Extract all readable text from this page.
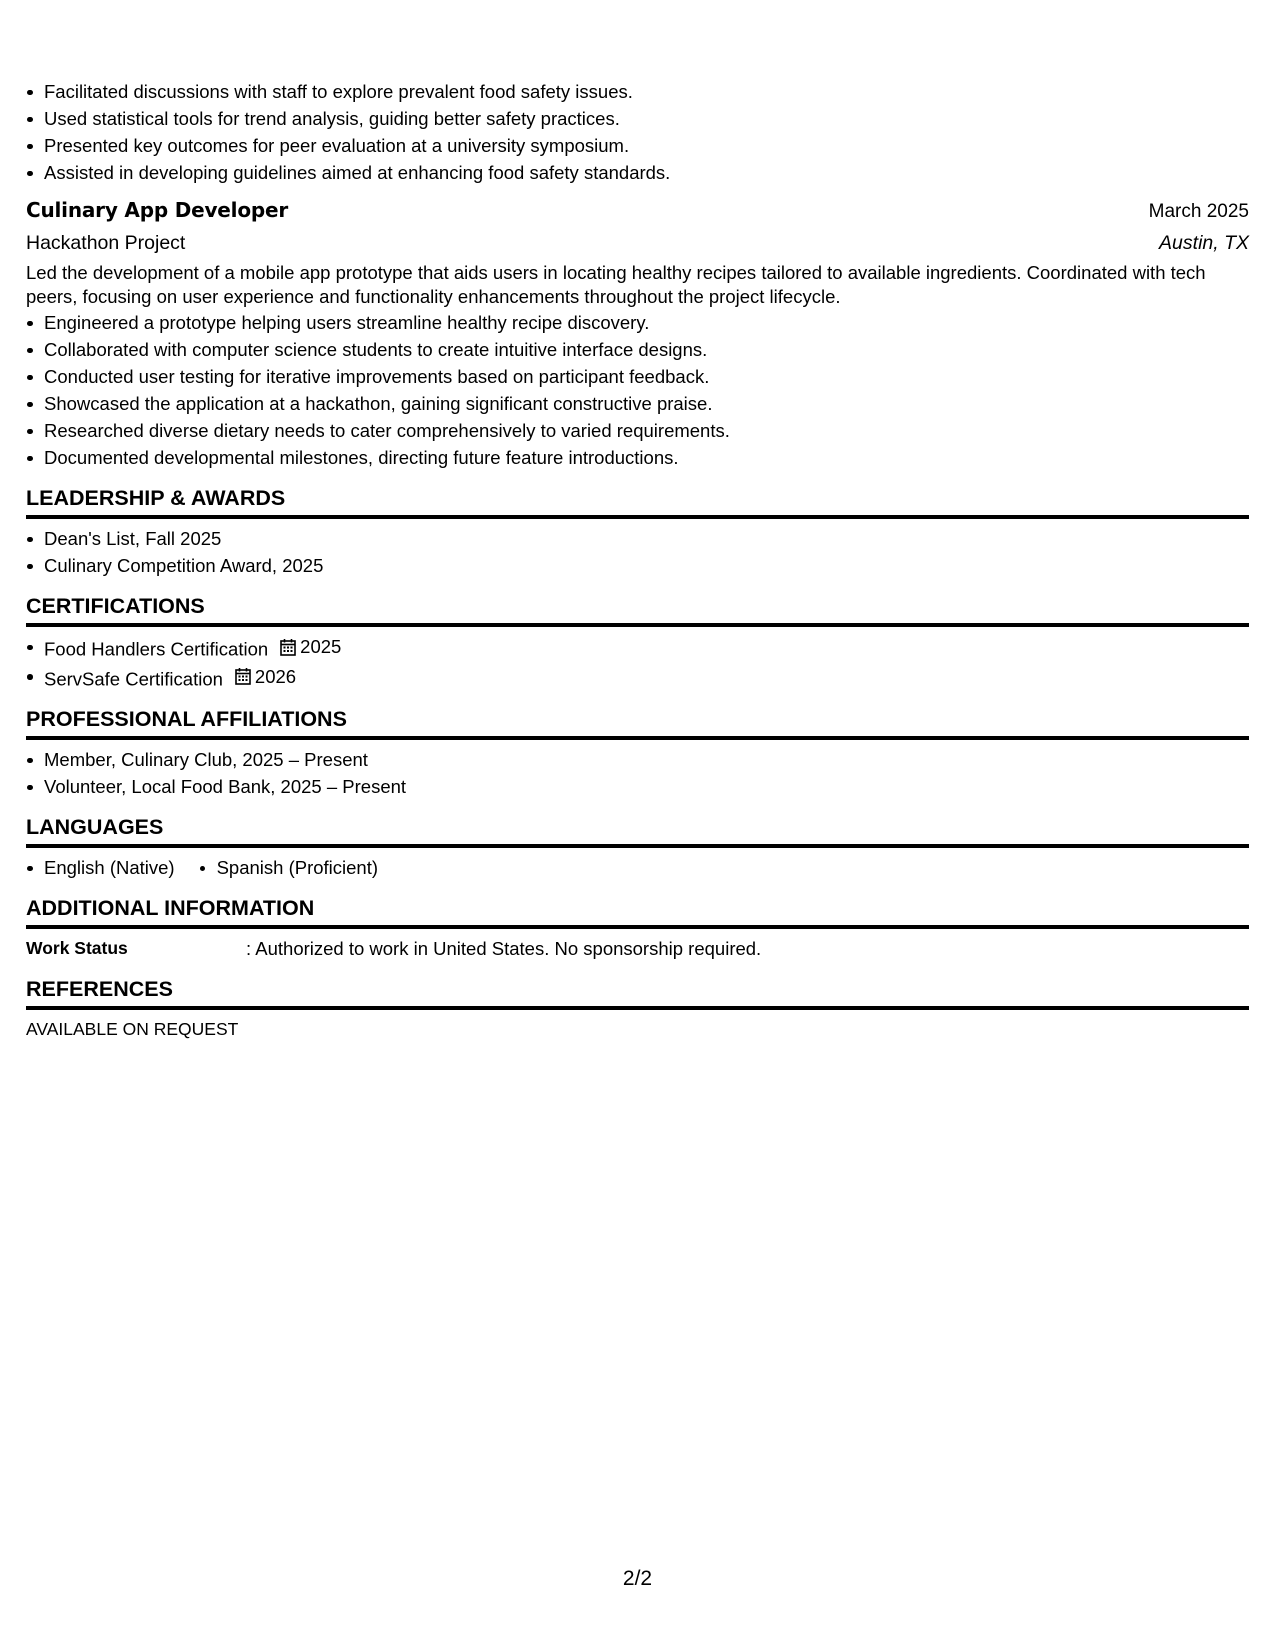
Facilitated discussions with staff to explore prevalent food safety issues.
Used statistical tools for trend analysis, guiding better safety practices.
Presented key outcomes for peer evaluation at a university symposium.
Assisted in developing guidelines aimed at enhancing food safety standards.
Culinary App Developer	March 2025
Hackathon Project	Austin, TX

Led the development of a mobile app prototype that aids users in locating healthy recipes tailored to available ingredients. Coordinated with tech peers, focusing on user experience and functionality enhancements throughout the project lifecycle.

Engineered a prototype helping users streamline healthy recipe discovery.
Collaborated with computer science students to create intuitive interface designs.
Conducted user testing for iterative improvements based on participant feedback.
Showcased the application at a hackathon, gaining significant constructive praise.
Researched diverse dietary needs to cater comprehensively to varied requirements.
Documented developmental milestones, directing future feature introductions.
LEADERSHIP & AWARDS
Dean's List, Fall 2025
Culinary Competition Award, 2025
CERTIFICATIONS
Food Handlers Certification 2025
ServSafe Certification 2026
PROFESSIONAL AFFILIATIONS
Member, Culinary Club, 2025 – Present
Volunteer, Local Food Bank, 2025 – Present
LANGUAGES
English (Native) Spanish (Proficient)
ADDITIONAL INFORMATION
Work Status	: Authorized to work in United States. No sponsorship required.
REFERENCES
AVAILABLE ON REQUEST
2/2
